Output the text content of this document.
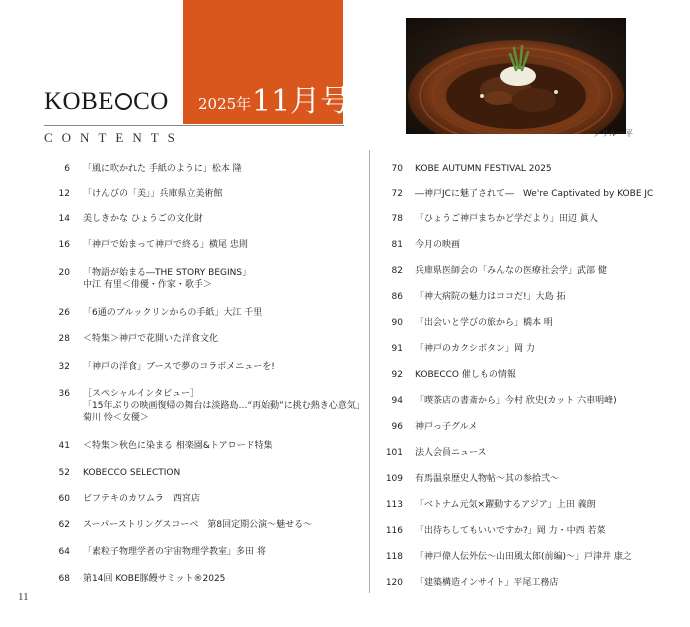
2025年 11月号
KOBE CO
CONTENTS	グリル一平
6 「風に吹かれた 手紙のように」松本 隆
12 「けんびの「美」」兵庫県立美術館
14 美しきかな ひょうごの文化財
16 「神戸で始まって神戸で終る」横尾 忠則
20 「物語が始まる―THE STORY BEGINS」
中江 有里＜俳優・作家・歌手＞
26 「6通のブルックリンからの手紙」大江 千里
28 ＜特集＞神戸で花開いた洋食文化
32 「神戸の洋食」ブースで夢のコラボメニューを!
36 ［スペシャルインタビュー］
「15年ぶりの映画復帰の舞台は淡路島…“再始動”に挑む熱き心意気」
菊川 怜＜女優＞
41 ＜特集＞秋色に染まる 相楽園&トアロード特集
52 KOBECCO SELECTION
60 ビフテキのカワムラ　西宮店
62 スーパーストリングスコーベ　第8回定期公演～魅せる～
64 「素粒子物理学者の宇宙物理学教室」多田 将
68 第14回 KOBE豚饅サミット®2025
70 KOBE AUTUMN FESTIVAL 2025
72 ―神戸JCに魅了されて―　We're Captivated by KOBE JC
78 「ひょうご神戸まちかど学だより」田辺 眞人
81 今月の映画
82 兵庫県医師会の「みんなの医療社会学」武部 健
86 「神大病院の魅力はココだ!」大島 拓
90 「出会いと学びの旅から」橋本 明
91 「神戸のカクシボタン」岡 力
92 KOBECCO 催しもの情報
94 「喫茶店の書斎から」今村 欣史(カット 六車明峰)
96 神戸っ子グルメ
101 法人会員ニュース
109 有馬温泉歴史人物帖～其の参拾弐～
113 「ベトナム元気×躍動するアジア」上田 義朗
116 「出待ちしてもいいですか?」岡 力・中西 若菜
118 「神戸偉人伝外伝～山田風太郎(前編)～」戸津井 康之
120 「建築構造インサイト」平尾工務店
11
